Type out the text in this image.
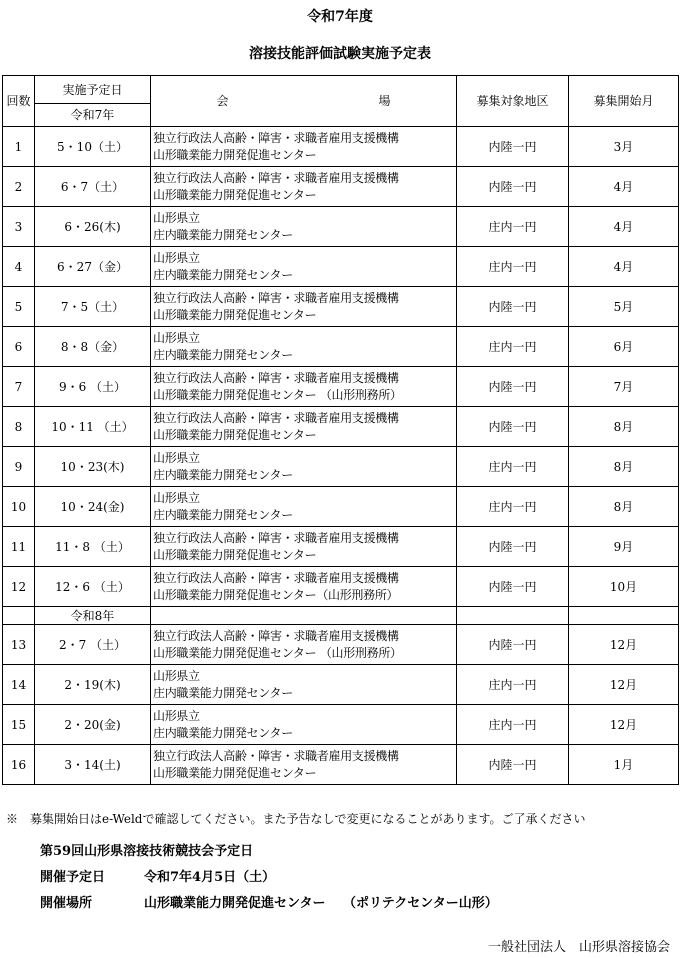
令和7年度
溶接技能評価試験実施予定表
回数	実施予定日	会 場	募集対象地区	募集開始月
	令和7年			
1	5・10（土）	独立行政法人高齢・障害・求職者雇用支援機構
山形職業能力開発促進センター	内陸一円	3月
2	6・7（土）	独立行政法人高齢・障害・求職者雇用支援機構
山形職業能力開発促進センター	内陸一円	4月
3	6・26(木)	山形県立
庄内職業能力開発センター	庄内一円	4月
4	6・27（金）	山形県立
庄内職業能力開発センター	庄内一円	4月
5	7・5（土）	独立行政法人高齢・障害・求職者雇用支援機構
山形職業能力開発促進センター	内陸一円	5月
6	8・8（金）	山形県立
庄内職業能力開発センター	庄内一円	6月
7	9・6 （土）	独立行政法人高齢・障害・求職者雇用支援機構
山形職業能力開発促進センター （山形刑務所）	内陸一円	7月
8	10・11 （土）	独立行政法人高齢・障害・求職者雇用支援機構
山形職業能力開発促進センター	内陸一円	8月
9	10・23(木)	山形県立
庄内職業能力開発センター	庄内一円	8月
10	10・24(金)	山形県立
庄内職業能力開発センター	庄内一円	8月
11	11・8 （土）	独立行政法人高齢・障害・求職者雇用支援機構
山形職業能力開発促進センター	内陸一円	9月
12	12・6 （土）	独立行政法人高齢・障害・求職者雇用支援機構
山形職業能力開発促進センター（山形刑務所）	内陸一円	10月
	令和8年			
13	2・7 （土）	独立行政法人高齢・障害・求職者雇用支援機構
山形職業能力開発促進センター （山形刑務所）	内陸一円	12月
14	2・19(木)	山形県立
庄内職業能力開発センター	庄内一円	12月
15	2・20(金)	山形県立
庄内職業能力開発センター	庄内一円	12月
16	3・14(土)	独立行政法人高齢・障害・求職者雇用支援機構
山形職業能力開発促進センター	内陸一円	1月
※　募集開始日はe-Weldで確認してください。また予告なしで変更になることがあります。ご了承ください
第59回山形県溶接技術競技会予定日
開催予定日	令和7年4月5日（土）
開催場所	山形職業能力開発促進センター　 （ポリテクセンター山形）
一般社団法人　山形県溶接協会
